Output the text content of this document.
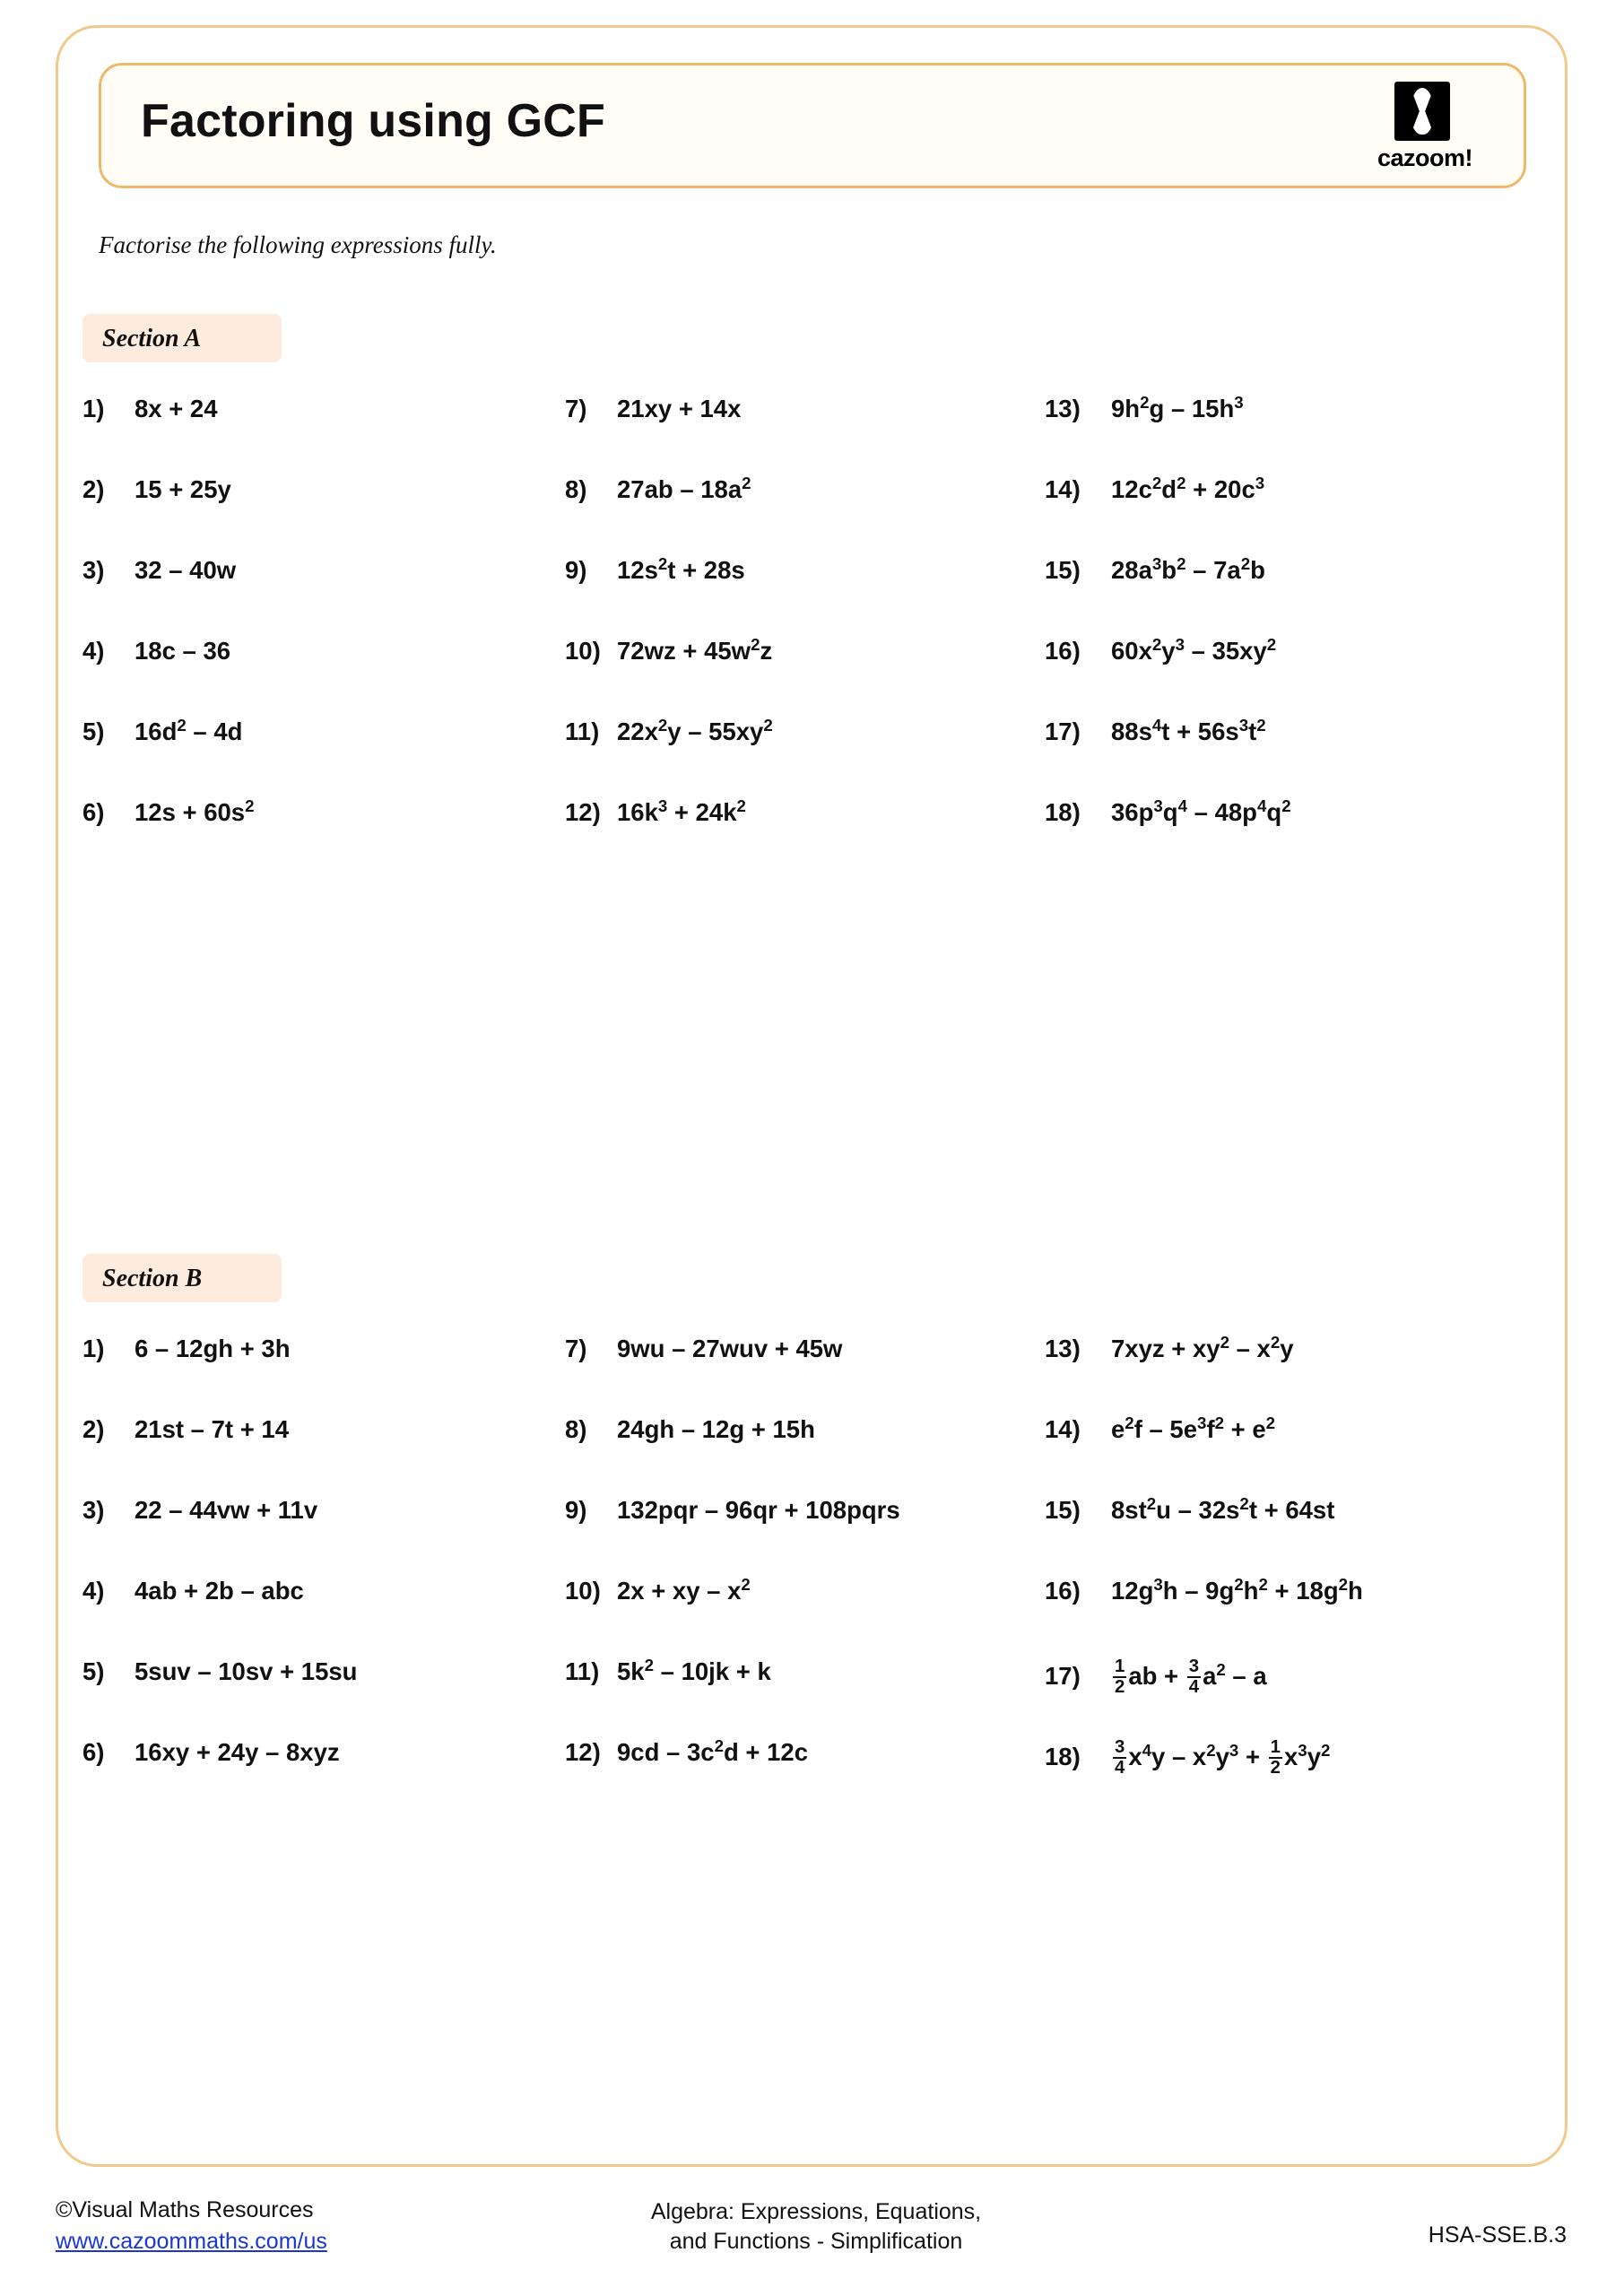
Factoring using GCF
cazoom!
Factorise the following expressions fully.
Section A
Section B
1) 8x + 24
2) 15 + 25y
3) 32 – 40w
4) 18c – 36
5) $16d^2 - 4d$
6) $12s + 60s^2$
7) 21xy + 14x
8) $27ab - 18a^2$
9) $12s^2t + 28s$
10) $72wz + 45w^2z$
11) $22x^2y - 55xy^2$
12) $16k^3 + 24k^2$
13) $9h^2g - 15h^3$
14) $12c^2d^2 + 20c^3$
15) $28a^3b^2 - 7a^2b$
16) $60x^2y^3 - 35xy^2$
17) $88s^4t + 56s^3t^2$
18) $36p^3q^4 - 48p^4q^2$
1) 6 – 12gh + 3h
2) 21st – 7t + 14
3) 22 – 44vw + 11v
4) 4ab + 2b – abc
5) 5suv – 10sv + 15su
6) 16xy + 24y – 8xyz
7) 9wu – 27wuv + 45w
8) 24gh – 12g + 15h
9) 132pqr – 96qr + 108pqrs
10) 2x + xy – $x^2$
11) $5k^2 - 10jk + k$
12) $9cd - 3c^2d + 12c$
13) $7xyz + xy^2 - x^2y$
14) $e^2f - 5e^3f^2 + e^2$
15) $8st^2u - 32s^2t + 64st$
16) $12g^3h - 9g^2h^2 + 18g^2h$
$17) \frac{1}{2}$ ab + $\frac{3}{4} a^2$ – a
$18) \frac{3}{4} x^4y - x^2y^3 + \frac{1}{2} x^3y^2$
©Visual Maths Resources
www.cazoommaths.com/us
Algebra: Expressions, Equations,
and Functions - Simplification	HSA-SSE.B.3
